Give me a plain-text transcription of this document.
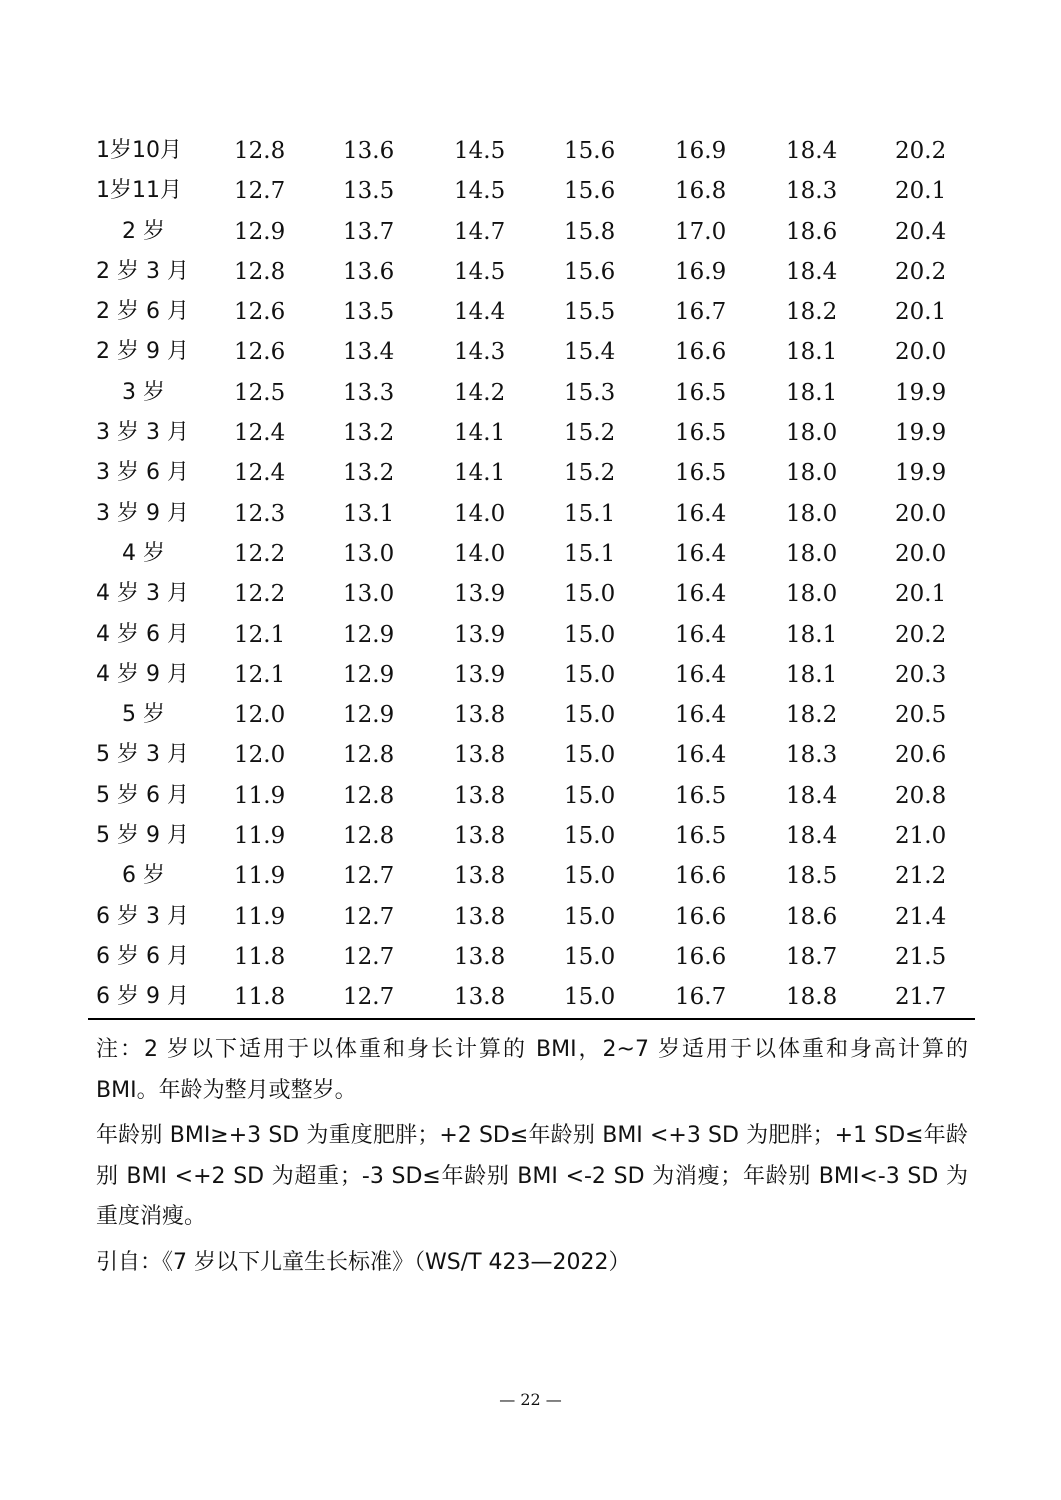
1岁10月	12.8	13.6	14.5	15.6	16.9	18.4	20.2
1岁11月	12.7	13.5	14.5	15.6	16.8	18.3	20.1
2 岁	12.9	13.7	14.7	15.8	17.0	18.6	20.4
2 岁 3 月	12.8	13.6	14.5	15.6	16.9	18.4	20.2
2 岁 6 月	12.6	13.5	14.4	15.5	16.7	18.2	20.1
2 岁 9 月	12.6	13.4	14.3	15.4	16.6	18.1	20.0
3 岁	12.5	13.3	14.2	15.3	16.5	18.1	19.9
3 岁 3 月	12.4	13.2	14.1	15.2	16.5	18.0	19.9
3 岁 6 月	12.4	13.2	14.1	15.2	16.5	18.0	19.9
3 岁 9 月	12.3	13.1	14.0	15.1	16.4	18.0	20.0
4 岁	12.2	13.0	14.0	15.1	16.4	18.0	20.0
4 岁 3 月	12.2	13.0	13.9	15.0	16.4	18.0	20.1
4 岁 6 月	12.1	12.9	13.9	15.0	16.4	18.1	20.2
4 岁 9 月	12.1	12.9	13.9	15.0	16.4	18.1	20.3
5 岁	12.0	12.9	13.8	15.0	16.4	18.2	20.5
5 岁 3 月	12.0	12.8	13.8	15.0	16.4	18.3	20.6
5 岁 6 月	11.9	12.8	13.8	15.0	16.5	18.4	20.8
5 岁 9 月	11.9	12.8	13.8	15.0	16.5	18.4	21.0
6 岁	11.9	12.7	13.8	15.0	16.6	18.5	21.2
6 岁 3 月	11.9	12.7	13.8	15.0	16.6	18.6	21.4
6 岁 6 月	11.8	12.7	13.8	15.0	16.6	18.7	21.5
6 岁 9 月	11.8	12.7	13.8	15.0	16.7	18.8	21.7

注：2 岁以下适用于以体重和身长计算的 BMI，2~7 岁适用于以体重和身高计算的 BMI。年龄为整月或整岁。

年龄别 BMI≥+3 SD 为重度肥胖；+2 SD≤年龄别 BMI <+3 SD 为肥胖；+1 SD≤年龄别 BMI <+2 SD 为超重；-3 SD≤年龄别 BMI <-2 SD 为消瘦；年龄别 BMI<-3 SD 为重度消瘦。

引自：《7 岁以下儿童生长标准》（WS/T 423—2022）

— 22 —
